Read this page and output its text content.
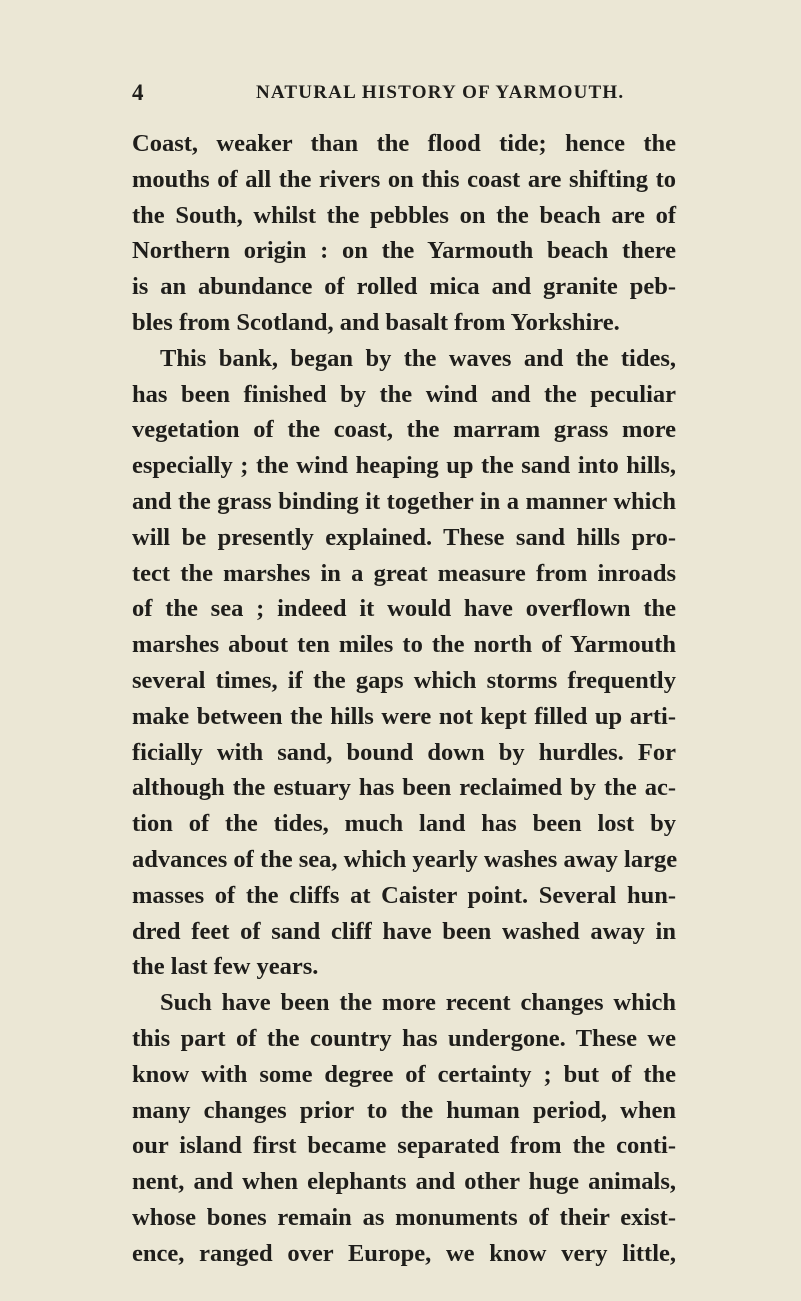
4	NATURAL HISTORY OF YARMOUTH.
Coast, weaker than the flood tide; hence the
mouths of all the rivers on this coast are shifting to
the South, whilst the pebbles on the beach are of
Northern origin : on the Yarmouth beach there
is an abundance of rolled mica and granite peb-
bles from Scotland, and basalt from Yorkshire.
This bank, began by the waves and the tides,
has been finished by the wind and the peculiar
vegetation of the coast, the marram grass more
especially ; the wind heaping up the sand into hills,
and the grass binding it together in a manner which
will be presently explained. These sand hills pro-
tect the marshes in a great measure from inroads
of the sea ; indeed it would have overflown the
marshes about ten miles to the north of Yarmouth
several times, if the gaps which storms frequently
make between the hills were not kept filled up arti-
ficially with sand, bound down by hurdles. For
although the estuary has been reclaimed by the ac-
tion of the tides, much land has been lost by
advances of the sea, which yearly washes away large
masses of the cliffs at Caister point. Several hun-
dred feet of sand cliff have been washed away in
the last few years.
Such have been the more recent changes which
this part of the country has undergone. These we
know with some degree of certainty ; but of the
many changes prior to the human period, when
our island first became separated from the conti-
nent, and when elephants and other huge animals,
whose bones remain as monuments of their exist-
ence, ranged over Europe, we know very little,
